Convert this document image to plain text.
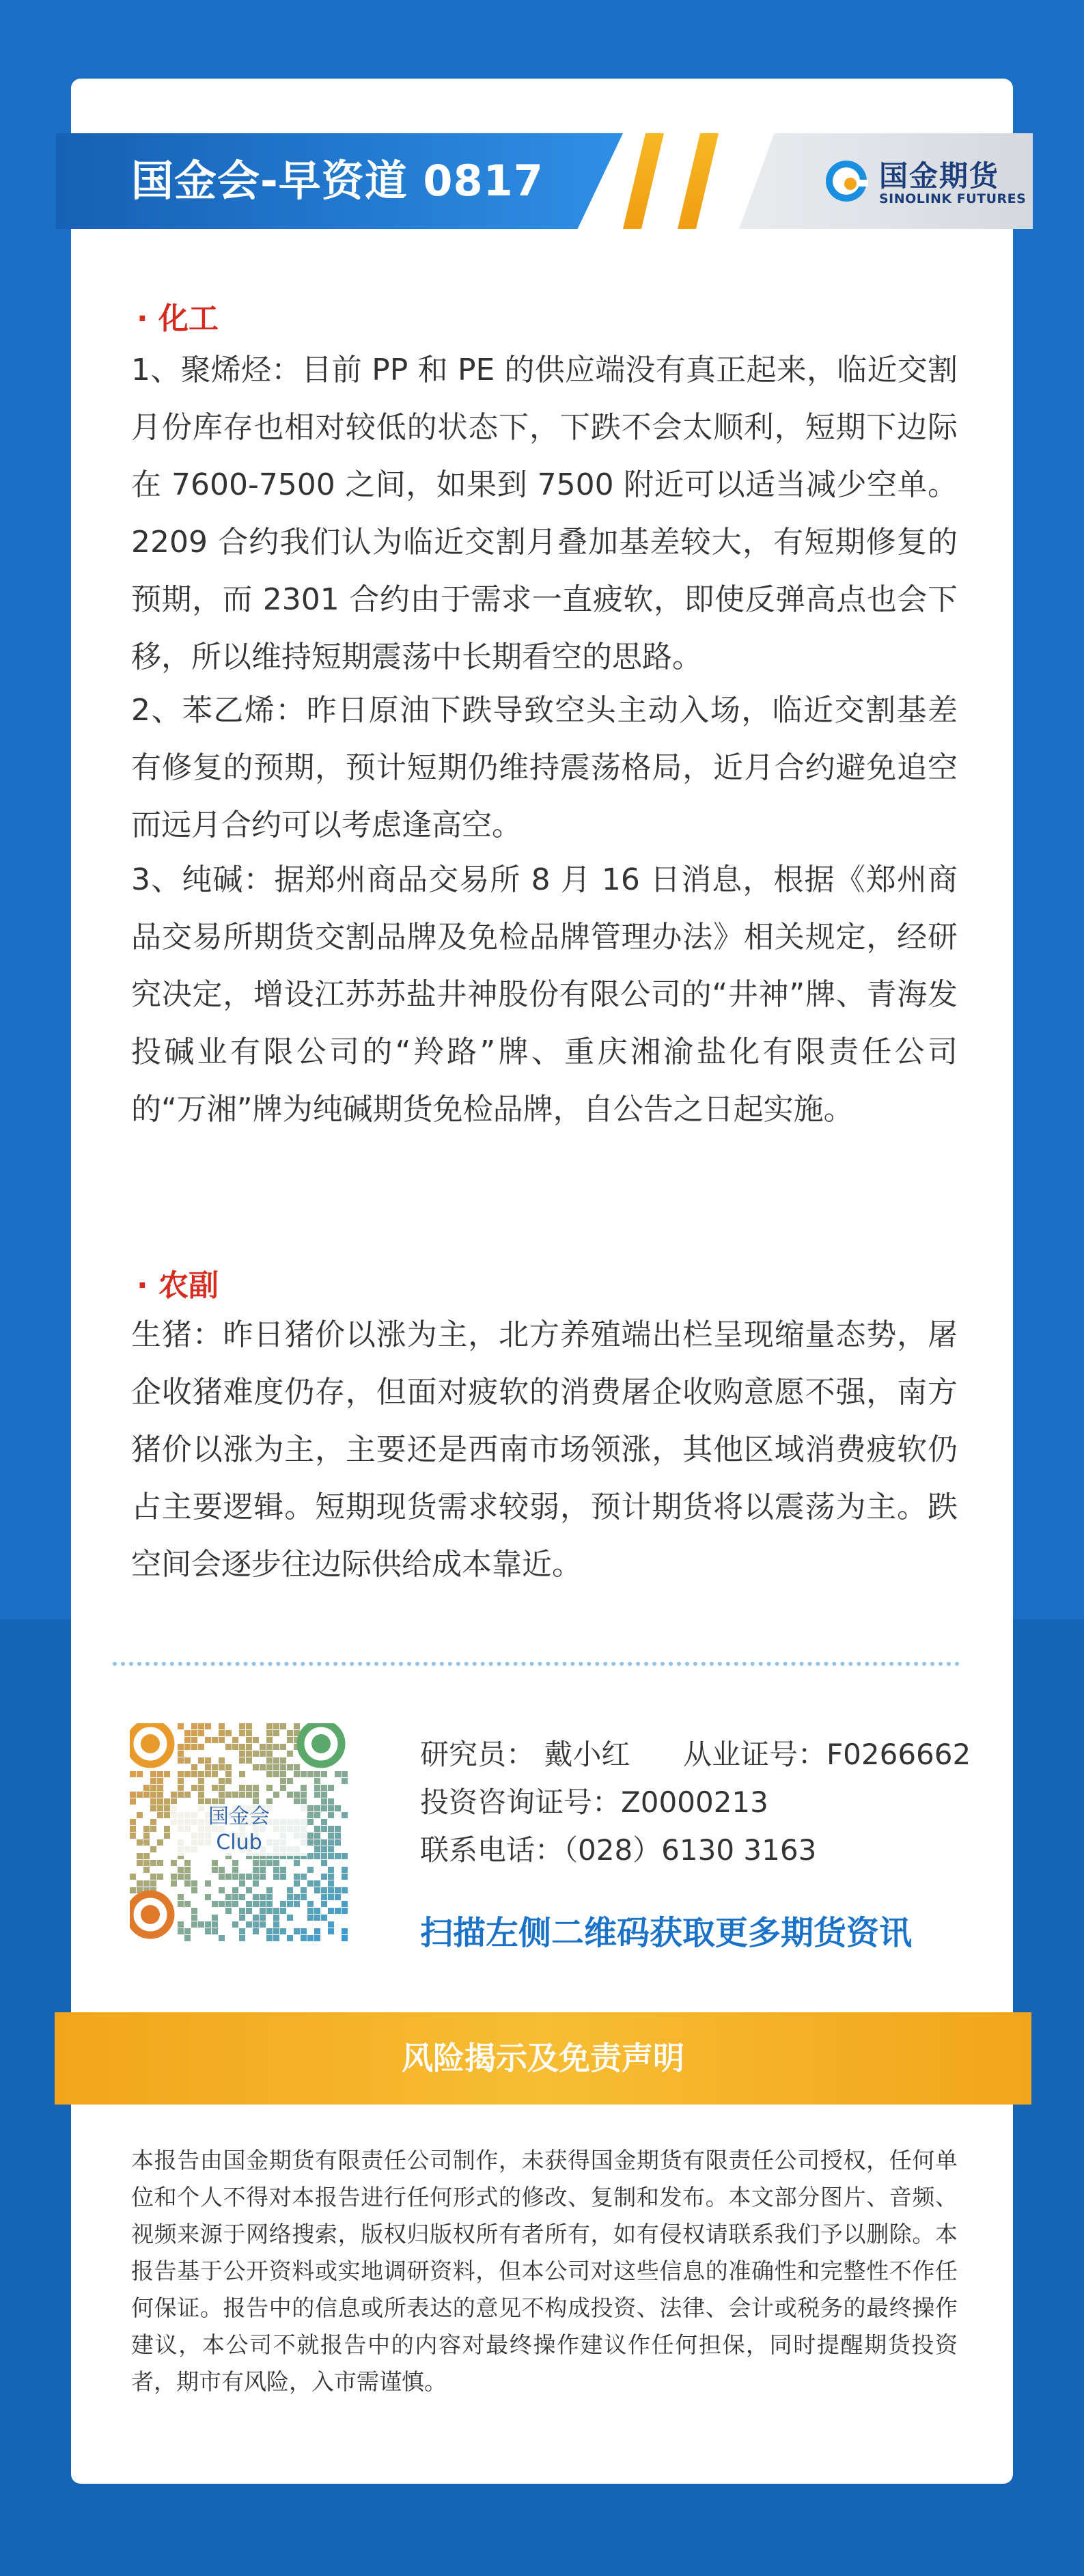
国金会-早资道 0817	国金期货
SINOLINK FUTURES
· 化工

1、聚烯烃：目前 PP 和 PE 的供应端没有真正起来，临近交割月份库存也相对较低的状态下，下跌不会太顺利，短期下边际在 7600-7500 之间，如果到 7500 附近可以适当减少空单。2209 合约我们认为临近交割月叠加基差较大，有短期修复的预期，而 2301 合约由于需求一直疲软，即使反弹高点也会下移，所以维持短期震荡中长期看空的思路。

2、苯乙烯：昨日原油下跌导致空头主动入场，临近交割基差有修复的预期，预计短期仍维持震荡格局，近月合约避免追空而远月合约可以考虑逢高空。

3、纯碱：据郑州商品交易所 8 月 16 日消息，根据《郑州商品交易所期货交割品牌及免检品牌管理办法》相关规定，经研究决定，增设江苏苏盐井神股份有限公司的“井神”牌、青海发投碱业有限公司的“羚路”牌、重庆湘渝盐化有限责任公司的“万湘”牌为纯碱期货免检品牌，自公告之日起实施。

· 农副

生猪：昨日猪价以涨为主，北方养殖端出栏呈现缩量态势，屠企收猪难度仍存，但面对疲软的消费屠企收购意愿不强，南方猪价以涨为主，主要还是西南市场领涨，其他区域消费疲软仍占主要逻辑。短期现货需求较弱，预计期货将以震荡为主。跌空间会逐步往边际供给成本靠近。

国金会
Club
研究员： 戴小红 从业证号：F0266662
投资咨询证号：Z0000213
联系电话：（028）6130 3163
扫描左侧二维码获取更多期货资讯
风险揭示及免责声明

本报告由国金期货有限责任公司制作，未获得国金期货有限责任公司授权，任何单位和个人不得对本报告进行任何形式的修改、复制和发布。本文部分图片、音频、视频来源于网络搜索，版权归版权所有者所有，如有侵权请联系我们予以删除。本报告基于公开资料或实地调研资料，但本公司对这些信息的准确性和完整性不作任何保证。报告中的信息或所表达的意见不构成投资、法律、会计或税务的最终操作建议，本公司不就报告中的内容对最终操作建议作任何担保，同时提醒期货投资者，期市有风险，入市需谨慎。
